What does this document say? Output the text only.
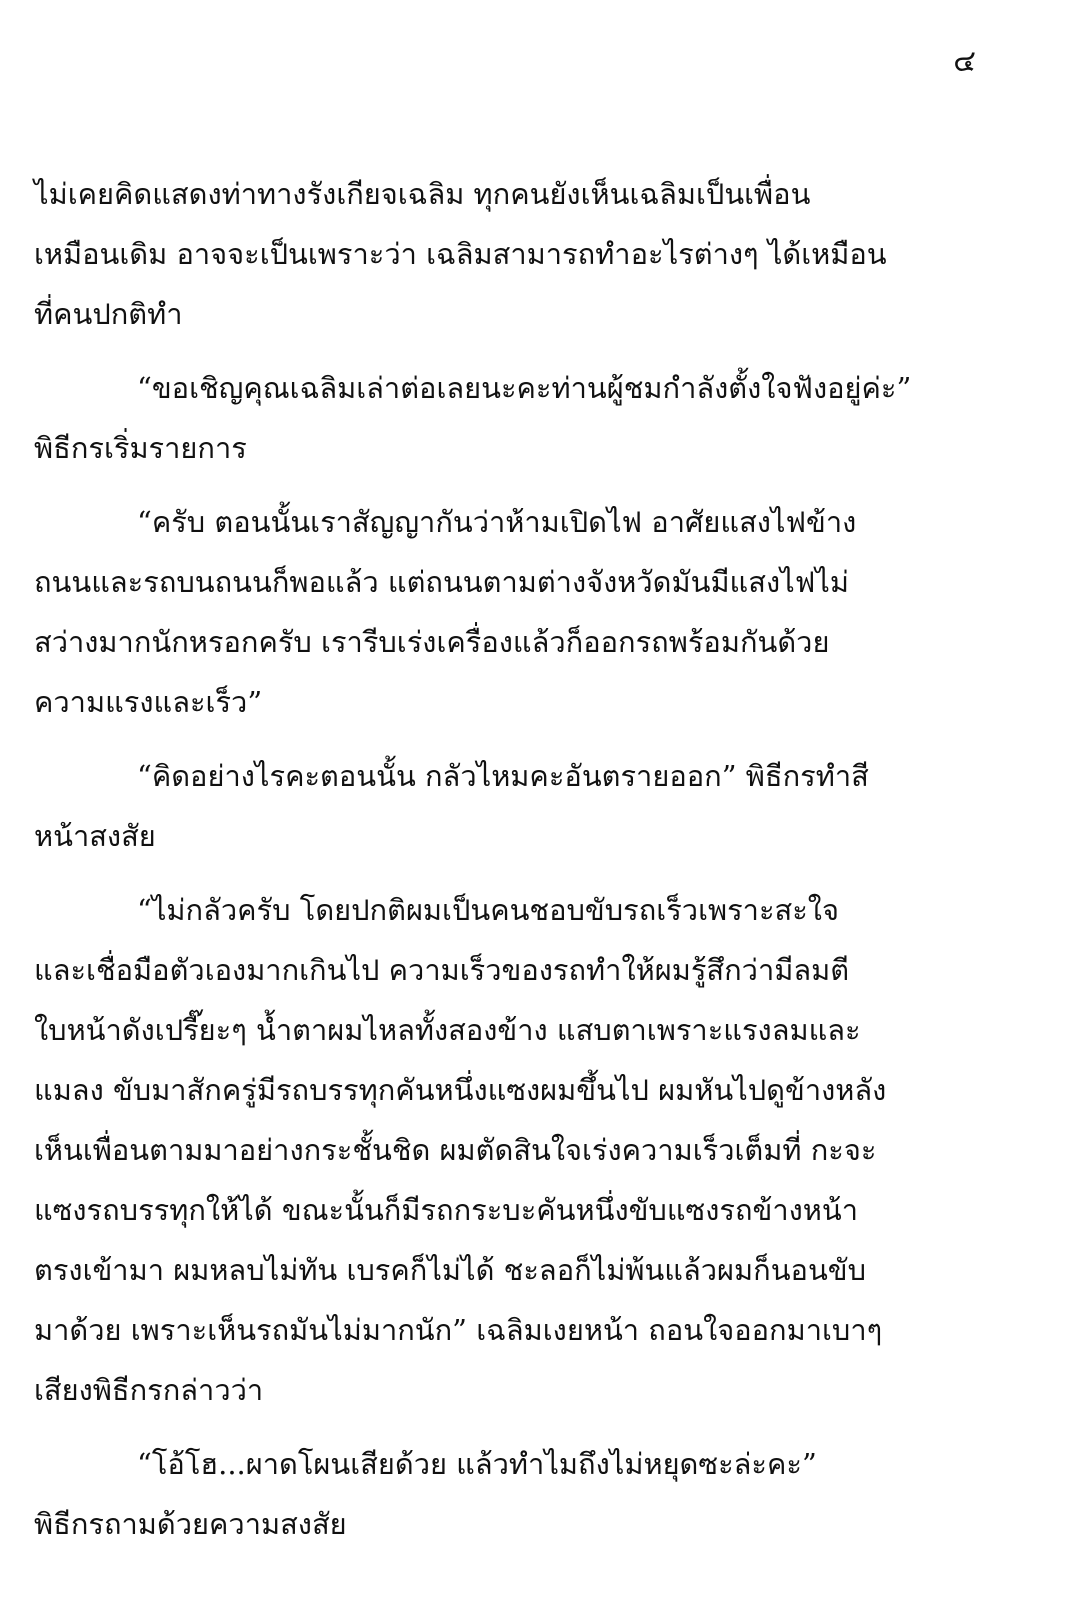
๔
ไม่เคยคิดแสดงท่าทางรังเกียจเฉลิม ทุกคนยังเห็นเฉลิมเป็นเพื่อน
เหมือนเดิม อาจจะเป็นเพราะว่า เฉลิมสามารถทำอะไรต่างๆ ได้เหมือน
ที่คนปกติทำ
“ขอเชิญคุณเฉลิมเล่าต่อเลยนะคะท่านผู้ชมกำลังตั้งใจฟังอยู่ค่ะ”
พิธีกรเริ่มรายการ
“ครับ ตอนนั้นเราสัญญากันว่าห้ามเปิดไฟ อาศัยแสงไฟข้าง
ถนนและรถบนถนนก็พอแล้ว แต่ถนนตามต่างจังหวัดมันมีแสงไฟไม่
สว่างมากนักหรอกครับ เรารีบเร่งเครื่องแล้วก็ออกรถพร้อมกันด้วย
ความแรงและเร็ว”
“คิดอย่างไรคะตอนนั้น กลัวไหมคะอันตรายออก” พิธีกรทำสี
หน้าสงสัย
“ไม่กลัวครับ โดยปกติผมเป็นคนชอบขับรถเร็วเพราะสะใจ
และเชื่อมือตัวเองมากเกินไป ความเร็วของรถทำให้ผมรู้สึกว่ามีลมตี
ใบหน้าดังเปรี๊ยะๆ น้ำตาผมไหลทั้งสองข้าง แสบตาเพราะแรงลมและ
แมลง ขับมาสักครู่มีรถบรรทุกคันหนึ่งแซงผมขึ้นไป ผมหันไปดูข้างหลัง
เห็นเพื่อนตามมาอย่างกระชั้นชิด ผมตัดสินใจเร่งความเร็วเต็มที่ กะจะ
แซงรถบรรทุกให้ได้ ขณะนั้นก็มีรถกระบะคันหนึ่งขับแซงรถข้างหน้า
ตรงเข้ามา ผมหลบไม่ทัน เบรคก็ไม่ได้ ชะลอก็ไม่พ้นแล้วผมก็นอนขับ
มาด้วย เพราะเห็นรถมันไม่มากนัก” เฉลิมเงยหน้า ถอนใจออกมาเบาๆ
เสียงพิธีกรกล่าวว่า
“โอ้โฮ...ผาดโผนเสียด้วย แล้วทำไมถึงไม่หยุดซะล่ะคะ”
พิธีกรถามด้วยความสงสัย
